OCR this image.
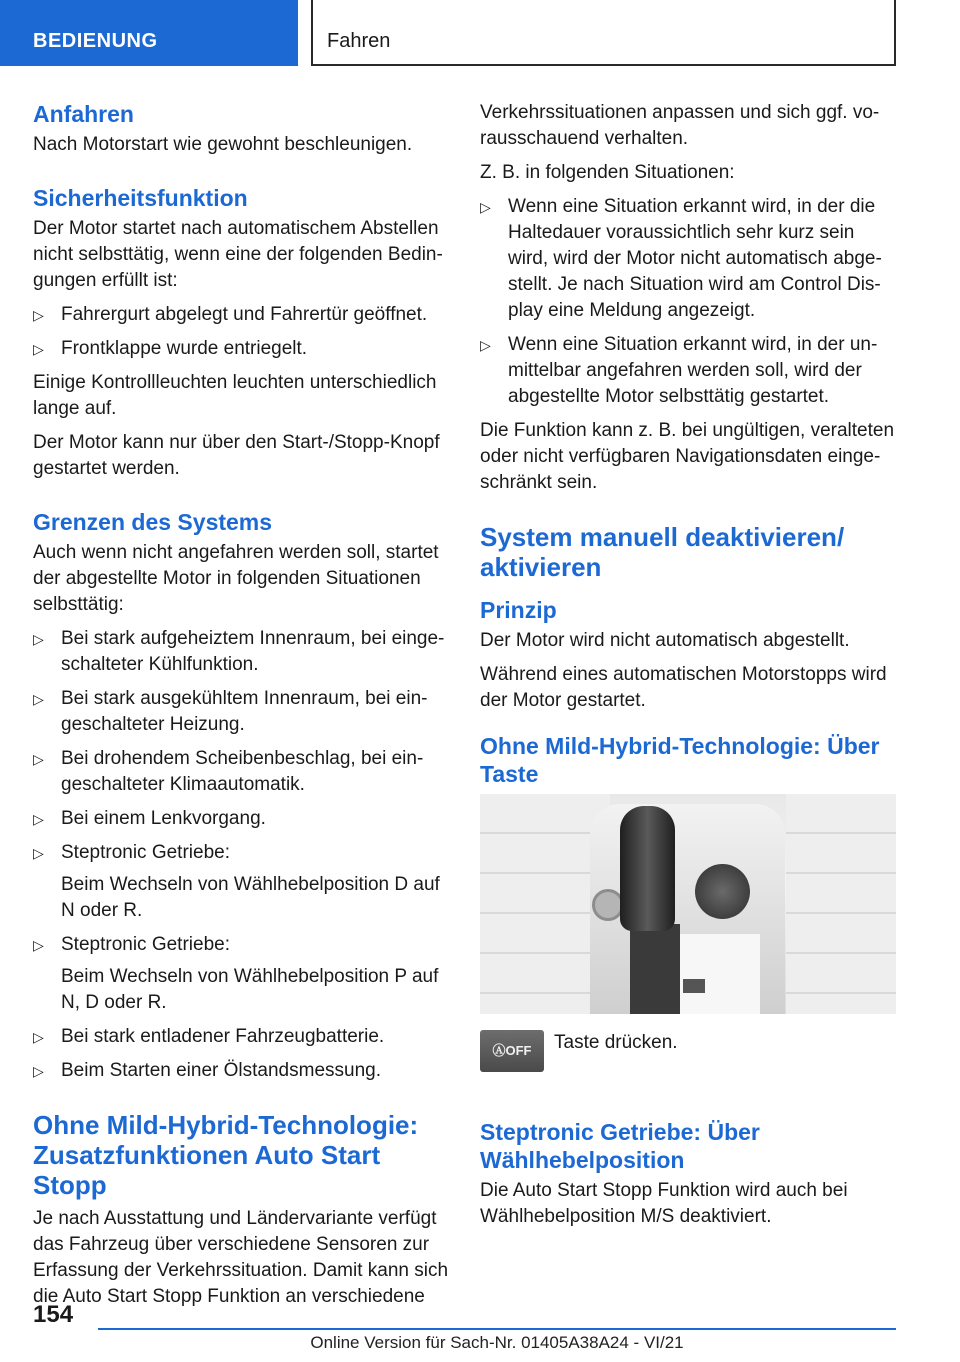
BEDIENUNG	Fahren
Anfahren
Nach Motorstart wie gewohnt beschleunigen.
Sicherheitsfunktion
Der Motor startet nach automatischem Abstellen nicht selbsttätig, wenn eine der folgenden Bedin-gungen erfüllt ist:
▷ Fahrergurt abgelegt und Fahrertür geöffnet.
▷ Frontklappe wurde entriegelt.
Einige Kontrollleuchten leuchten unterschiedlich lange auf.
Der Motor kann nur über den Start-/Stopp-Knopf gestartet werden.
Grenzen des Systems
Auch wenn nicht angefahren werden soll, startet der abgestellte Motor in folgenden Situationen selbsttätig:
▷ Bei stark aufgeheiztem Innenraum, bei einge-schalteter Kühlfunktion.
▷ Bei stark ausgekühltem Innenraum, bei ein-geschalteter Heizung.
▷ Bei drohendem Scheibenbeschlag, bei ein-geschalteter Klimaautomatik.
▷ Bei einem Lenkvorgang.
▷ Steptronic Getriebe:
Beim Wechseln von Wählhebelposition D auf N oder R.
▷ Steptronic Getriebe:
Beim Wechseln von Wählhebelposition P auf N, D oder R.
▷ Bei stark entladener Fahrzeugbatterie.
▷ Beim Starten einer Ölstandsmessung.
Ohne Mild-Hybrid-Technologie: Zusatzfunktionen Auto Start Stopp
Je nach Ausstattung und Ländervariante verfügt das Fahrzeug über verschiedene Sensoren zur Erfassung der Verkehrssituation. Damit kann sich die Auto Start Stopp Funktion an verschiedene
Verkehrssituationen anpassen und sich ggf. vo-rausschauend verhalten.
Z. B. in folgenden Situationen:
▷ Wenn eine Situation erkannt wird, in der die Haltedauer voraussichtlich sehr kurz sein wird, wird der Motor nicht automatisch abge-stellt. Je nach Situation wird am Control Dis-play eine Meldung angezeigt.
▷ Wenn eine Situation erkannt wird, in der un-mittelbar angefahren werden soll, wird der abgestellte Motor selbsttätig gestartet.
Die Funktion kann z. B. bei ungültigen, veralteten oder nicht verfügbaren Navigationsdaten einge-schränkt sein.
System manuell deaktivieren/ aktivieren
Prinzip
Der Motor wird nicht automatisch abgestellt.
Während eines automatischen Motorstopps wird der Motor gestartet.
Ohne Mild-Hybrid-Technologie: Über Taste
ⒶOFF	Taste drücken.
Steptronic Getriebe: Über Wählhebelposition
Die Auto Start Stopp Funktion wird auch bei Wählhebelposition M/S deaktiviert.
154
Online Version für Sach-Nr. 01405A38A24 - VI/21
